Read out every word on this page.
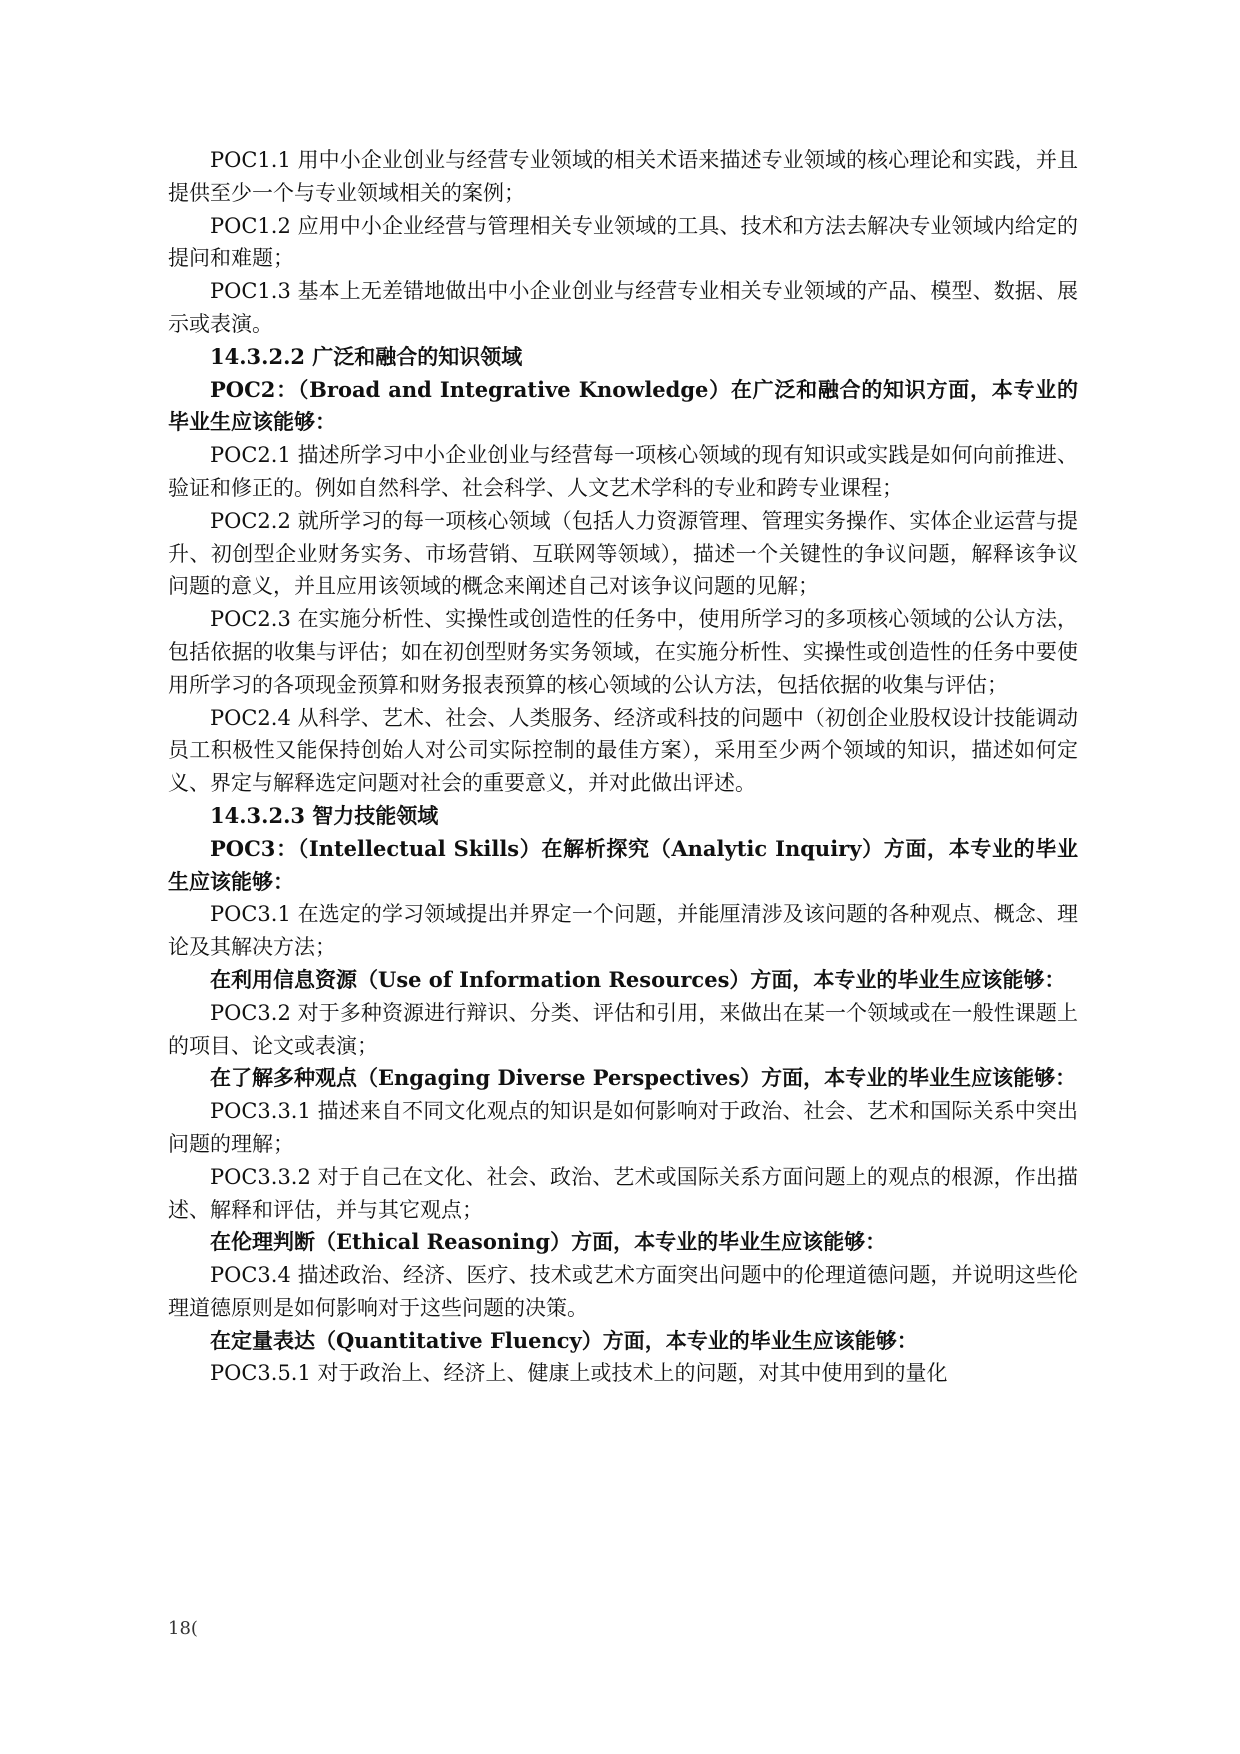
POC1.1 用中小企业创业与经营专业领域的相关术语来描述专业领域的核心理论和实践，并且提供至少一个与专业领域相关的案例；

POC1.2 应用中小企业经营与管理相关专业领域的工具、技术和方法去解决专业领域内给定的提问和难题；

POC1.3 基本上无差错地做出中小企业创业与经营专业相关专业领域的产品、模型、数据、展示或表演。

14.3.2.2 广泛和融合的知识领域

POC2：（Broad and Integrative Knowledge）在广泛和融合的知识方面，本专业的毕业生应该能够：

POC2.1 描述所学习中小企业创业与经营每一项核心领域的现有知识或实践是如何向前推进、验证和修正的。例如自然科学、社会科学、人文艺术学科的专业和跨专业课程；

POC2.2 就所学习的每一项核心领域（包括人力资源管理、管理实务操作、实体企业运营与提升、初创型企业财务实务、市场营销、互联网等领域），描述一个关键性的争议问题，解释该争议问题的意义，并且应用该领域的概念来阐述自己对该争议问题的见解；

POC2.3 在实施分析性、实操性或创造性的任务中，使用所学习的多项核心领域的公认方法，包括依据的收集与评估；如在初创型财务实务领域，在实施分析性、实操性或创造性的任务中要使用所学习的各项现金预算和财务报表预算的核心领域的公认方法，包括依据的收集与评估；

POC2.4 从科学、艺术、社会、人类服务、经济或科技的问题中（初创企业股权设计技能调动员工积极性又能保持创始人对公司实际控制的最佳方案），采用至少两个领域的知识，描述如何定义、界定与解释选定问题对社会的重要意义，并对此做出评述。

14.3.2.3 智力技能领域

POC3：（Intellectual Skills）在解析探究（Analytic Inquiry）方面，本专业的毕业生应该能够：

POC3.1 在选定的学习领域提出并界定一个问题，并能厘清涉及该问题的各种观点、概念、理论及其解决方法；

在利用信息资源（Use of Information Resources）方面，本专业的毕业生应该能够：

POC3.2 对于多种资源进行辩识、分类、评估和引用，来做出在某一个领域或在一般性课题上的项目、论文或表演；

在了解多种观点（Engaging Diverse Perspectives）方面，本专业的毕业生应该能够：

POC3.3.1 描述来自不同文化观点的知识是如何影响对于政治、社会、艺术和国际关系中突出问题的理解；

POC3.3.2 对于自己在文化、社会、政治、艺术或国际关系方面问题上的观点的根源，作出描述、解释和评估，并与其它观点；

在伦理判断（Ethical Reasoning）方面，本专业的毕业生应该能够：

POC3.4 描述政治、经济、医疗、技术或艺术方面突出问题中的伦理道德问题，并说明这些伦理道德原则是如何影响对于这些问题的决策。

在定量表达（Quantitative Fluency）方面，本专业的毕业生应该能够：

POC3.5.1 对于政治上、经济上、健康上或技术上的问题，对其中使用到的量化

18(
